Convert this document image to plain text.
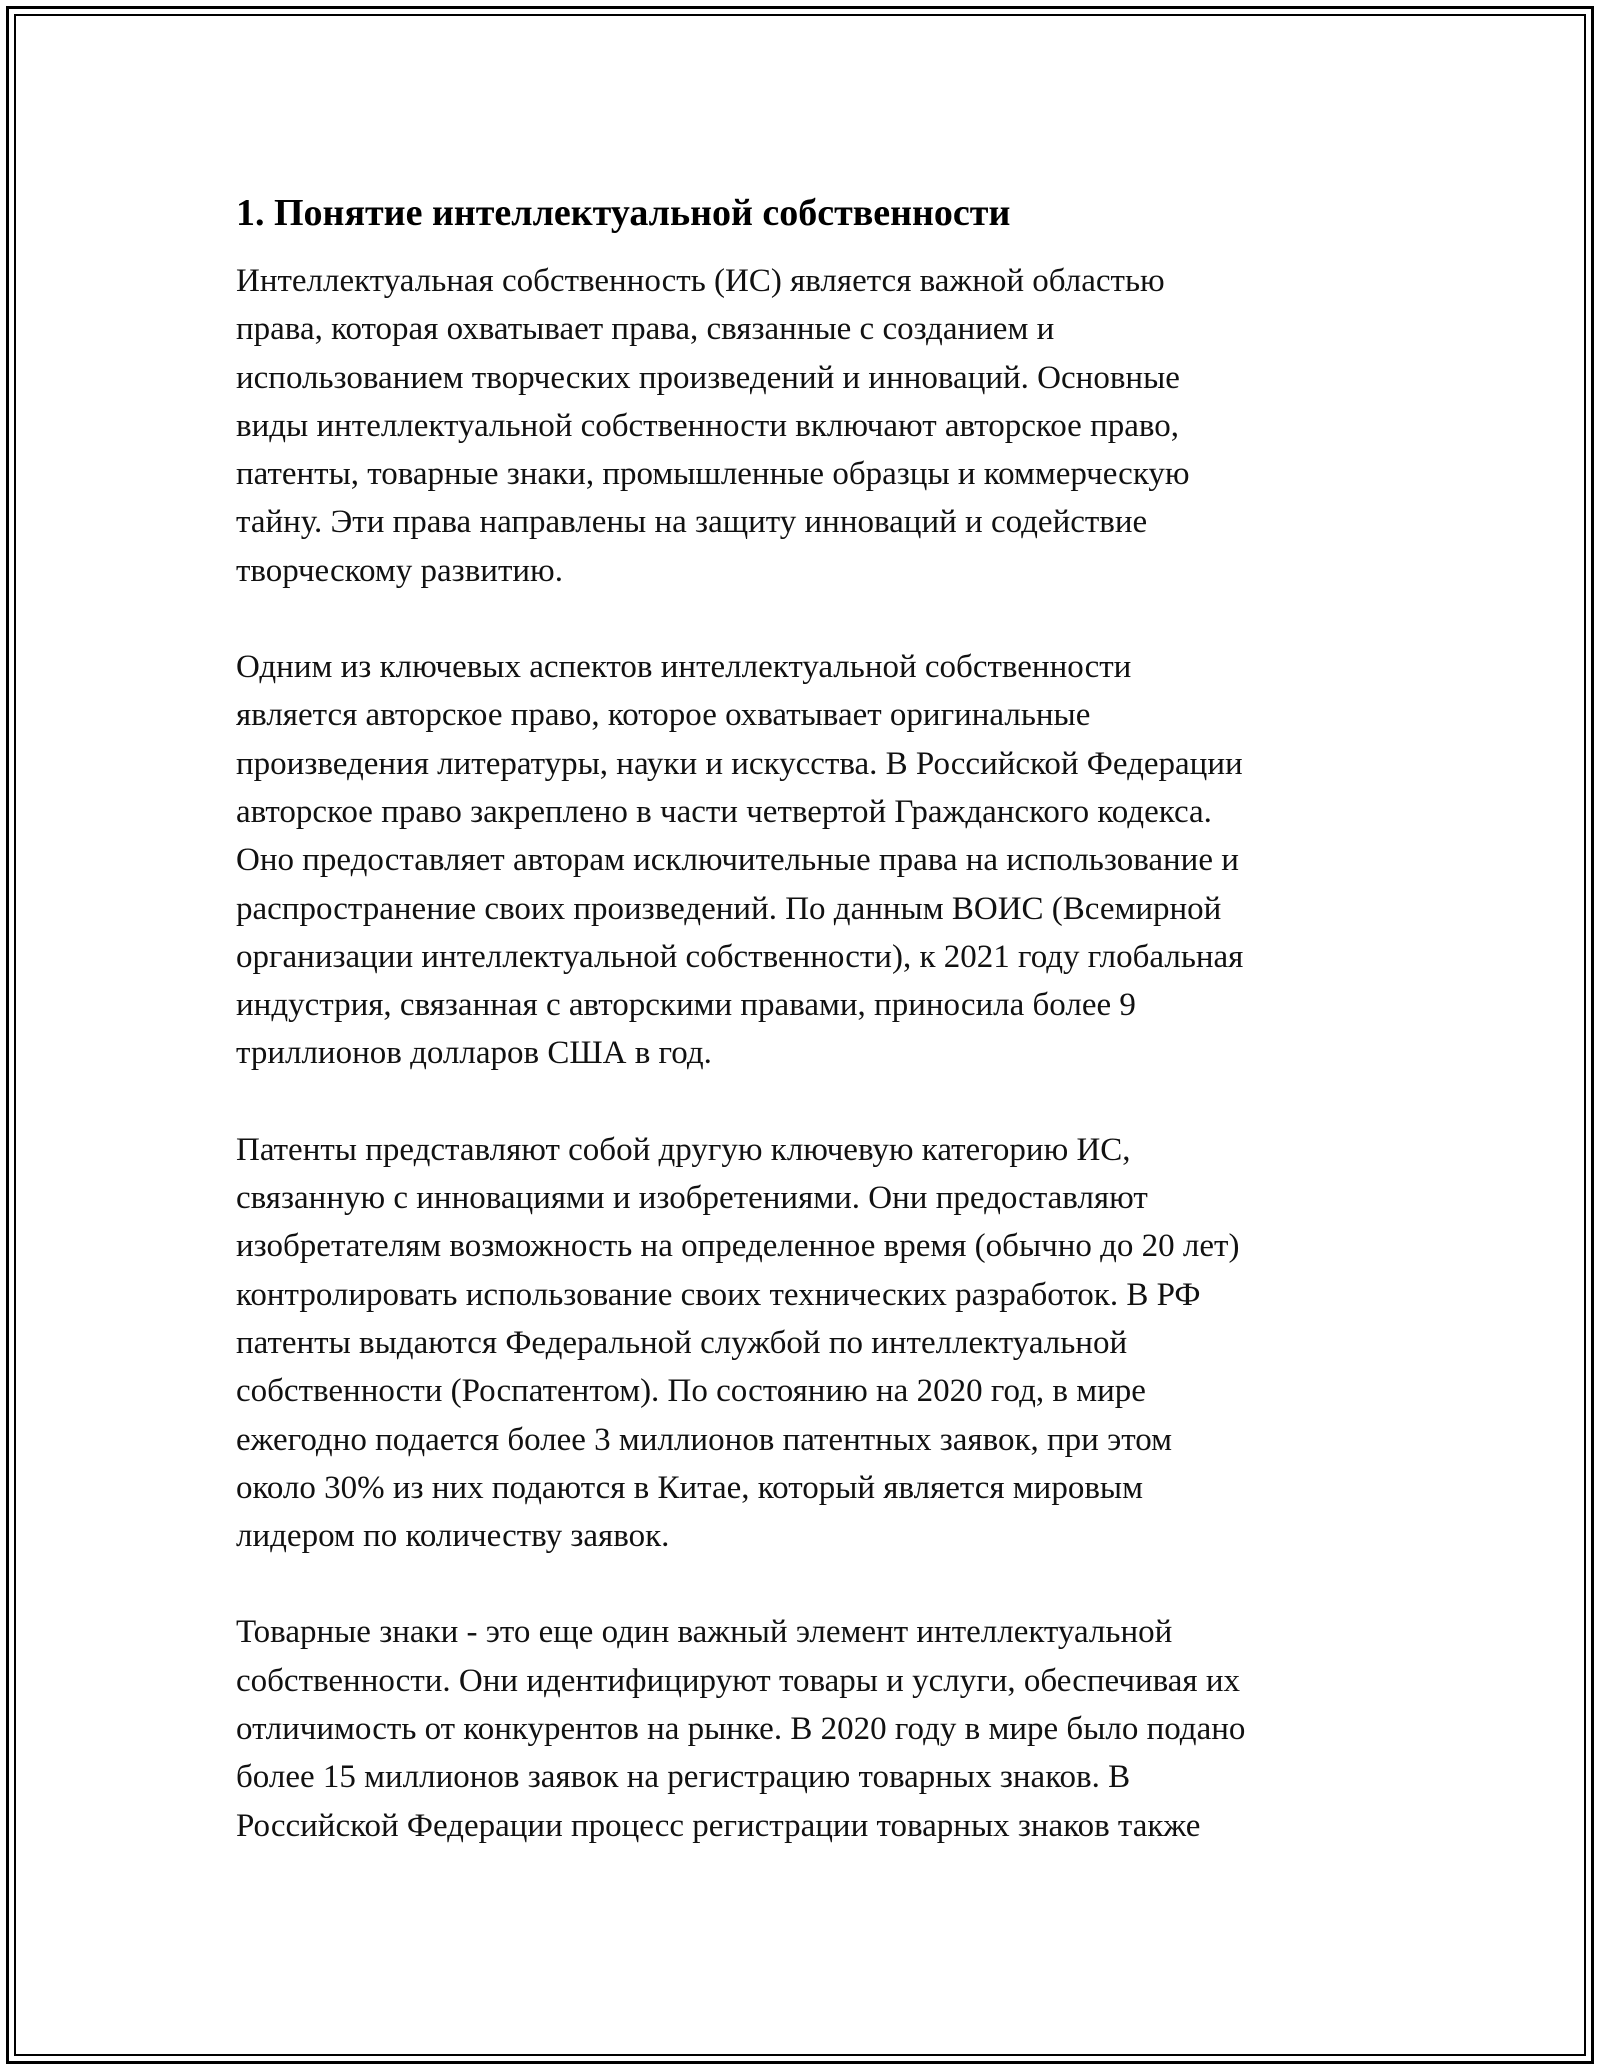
1. Понятие интеллектуальной собственности

Интеллектуальная собственность (ИС) является важной областью
права, которая охватывает права, связанные с созданием и
использованием творческих произведений и инноваций. Основные
виды интеллектуальной собственности включают авторское право,
патенты, товарные знаки, промышленные образцы и коммерческую
тайну. Эти права направлены на защиту инноваций и содействие
творческому развитию.

Одним из ключевых аспектов интеллектуальной собственности
является авторское право, которое охватывает оригинальные
произведения литературы, науки и искусства. В Российской Федерации
авторское право закреплено в части четвертой Гражданского кодекса.
Оно предоставляет авторам исключительные права на использование и
распространение своих произведений. По данным ВОИС (Всемирной
организации интеллектуальной собственности), к 2021 году глобальная
индустрия, связанная с авторскими правами, приносила более 9
триллионов долларов США в год.

Патенты представляют собой другую ключевую категорию ИС,
связанную с инновациями и изобретениями. Они предоставляют
изобретателям возможность на определенное время (обычно до 20 лет)
контролировать использование своих технических разработок. В РФ
патенты выдаются Федеральной службой по интеллектуальной
собственности (Роспатентом). По состоянию на 2020 год, в мире
ежегодно подается более 3 миллионов патентных заявок, при этом
около 30% из них подаются в Китае, который является мировым
лидером по количеству заявок.

Товарные знаки - это еще один важный элемент интеллектуальной
собственности. Они идентифицируют товары и услуги, обеспечивая их
отличимость от конкурентов на рынке. В 2020 году в мире было подано
более 15 миллионов заявок на регистрацию товарных знаков. В
Российской Федерации процесс регистрации товарных знаков также
